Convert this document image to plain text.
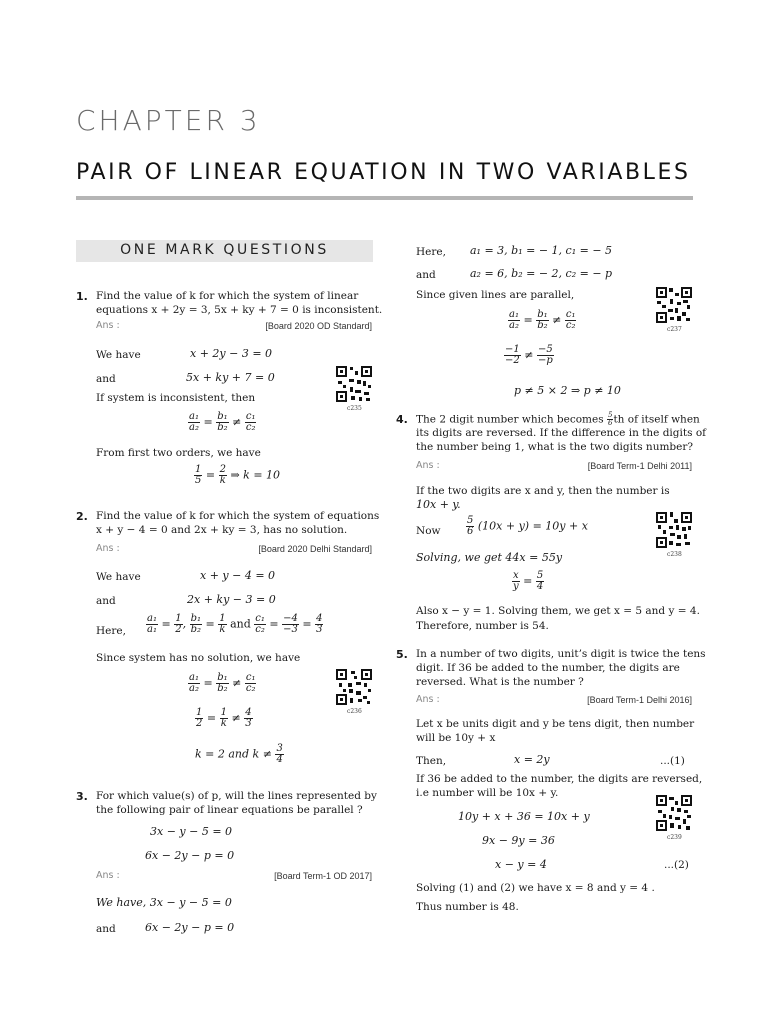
CHAPTER 3
PAIR OF LINEAR EQUATION IN TWO VARIABLES
ONE MARK QUESTIONS
1. Find the value of k for which the system of linear
equations x + 2y = 3, 5x + ky + 7 = 0 is inconsistent.
Ans :	[Board 2020 OD Standard]
We have	x + 2y − 3 = 0
and	5x + ky + 7 = 0
If system is inconsistent, then
$\frac{\text{a₁}}{\text{a₂}} = \frac{\text{b₁}}{\text{b₂}} \ne \frac{\text{c₁}}{\text{c₂}}$
From first two orders, we have
$\frac{1}{5} = \frac{2}{k}$ ⇒ k = 10
c235
2. Find the value of k for which the system of equations
x + y − 4 = 0 and 2x + ky = 3, has no solution.
Ans :	[Board 2020 Delhi Standard]
We have	x + y − 4 = 0
and	2x + ky − 3 = 0
Here, $\frac{\text{a₁}}{\text{a₁}} = \frac{1}{2}$ , $\frac{\text{b₁}}{\text{b₂}} = \frac{1}{k}$ and $\frac{\text{c₁}}{\text{c₂}} = \frac{-4}{-3} = \frac{4}{3}$
Since system has no solution, we have
$\frac{\text{a₁}}{\text{a₂}} = \frac{\text{b₁}}{\text{b₂}} \ne \frac{\text{c₁}}{\text{c₂}}$
$\frac{1}{2} = \frac{1}{k} \ne \frac{4}{3}$
k = 2 and $k \ne \frac{3}{4}$
c236
3. For which value(s) of p, will the lines represented by
the following pair of linear equations be parallel ?
3x − y − 5 = 0
6x − 2y − p = 0
Ans :	[Board Term-1 OD 2017]
We have, 3x − y − 5 = 0
and	6x − 2y − p = 0
Here, a₁ = 3, b₁ = − 1, c₁ = − 5
and	a₂ = 6, b₂ = − 2, c₂ = − p
Since given lines are parallel,
$\frac{\text{a₁}}{\text{a₂}} = \frac{\text{b₁}}{\text{b₂}} \ne \frac{\text{c₁}}{\text{c₂}}$
$\frac{-1}{-2} \ne \frac{-5}{-p}$
p ≠ 5 × 2 ⇒ p ≠ 10
c237
4. The 2 digit number which becomes $\frac{5}{6}$ th of itself when
its digits are reversed. If the difference in the digits of
the number being 1, what is the two digits number?
Ans :	[Board Term-1 Delhi 2011]
If the two digits are x and y, then the number is
10x + y.
Now	$\frac{5}{6} (10x + y) = 10y + x$
Solving, we get 44x = 55y
$\frac{x}{y} = \frac{5}{4}$
Also x − y = 1. Solving them, we get x = 5 and y = 4.
Therefore, number is 54.
c238
5. In a number of two digits, unit’s digit is twice the tens
digit. If 36 be added to the number, the digits are
reversed. What is the number ?
Ans :	[Board Term-1 Delhi 2016]
Let x be units digit and y be tens digit, then number
will be 10y + x
Then,	x = 2y	...(1)
If 36 be added to the number, the digits are reversed,
i.e number will be 10x + y.
10y + x + 36 = 10x + y
9x − 9y = 36
x − y = 4	...(2)
Solving (1) and (2) we have x = 8 and y = 4 .
Thus number is 48.
c239
